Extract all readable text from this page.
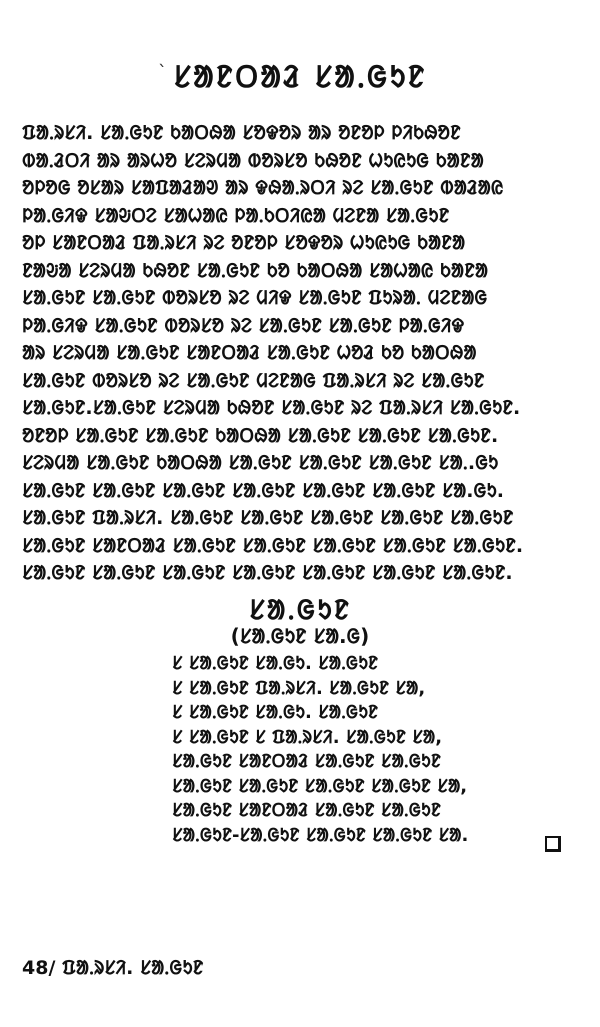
` ᱥᱟᱱᱛᱟᱲ ᱥᱟᱹᱜᱩᱱ
ᱯᱟᱹᱨᱥᱤ. ᱥᱟᱹᱜᱩᱱ ᱠᱟᱛᱷᱟ ᱥᱚᱫᱚᱨ ᱟᱨ ᱚᱱᱚᱞ ᱞᱤᱠᱷᱚᱱ
ᱵᱟᱹᱲᱛᱤ ᱟᱨ ᱟᱨᱦᱚ ᱥᱮᱨᱢᱟ ᱵᱚᱨᱥᱚ ᱠᱷᱚᱱ ᱦᱩᱭᱩᱜ ᱠᱟᱱᱟ
ᱚᱞᱚᱜ ᱚᱥᱟᱨ ᱥᱟᱯᱟᱲᱟᱣ ᱟᱨ ᱫᱷᱟᱹᱨᱛᱤ ᱨᱮ ᱥᱟᱹᱜᱩᱱ ᱵᱟᱲᱟᱭ
ᱞᱟᱹᱜᱤᱫ ᱥᱟᱶᱛᱮ ᱥᱟᱦᱟᱭ ᱞᱟᱹᱠᱛᱤᱭᱟ ᱢᱮᱱᱟ ᱥᱟᱹᱜᱩᱱ
ᱚᱞ ᱥᱟᱱᱛᱟᱲ ᱯᱟᱹᱨᱥᱤ ᱨᱮ ᱚᱱᱚᱞ ᱥᱚᱫᱚᱨ ᱦᱩᱭᱩᱜ ᱠᱟᱱᱟ
ᱱᱟᱶᱟ ᱥᱮᱨᱢᱟ ᱠᱷᱚᱱ ᱥᱟᱹᱜᱩᱱ ᱠᱚ ᱠᱟᱛᱷᱟ ᱥᱟᱦᱟᱭ ᱠᱟᱱᱟ
ᱥᱟᱹᱜᱩᱱ ᱥᱟᱹᱜᱩᱱ ᱵᱚᱨᱥᱚ ᱨᱮ ᱢᱤᱫ ᱥᱟᱹᱜᱩᱱ ᱯᱩᱨᱟᱹ ᱢᱮᱱᱟᱜ
ᱞᱟᱹᱜᱤᱫ ᱥᱟᱹᱜᱩᱱ ᱵᱚᱨᱥᱚ ᱨᱮ ᱥᱟᱹᱜᱩᱱ ᱥᱟᱹᱜᱩᱱ ᱞᱟᱹᱜᱤᱫ
ᱟᱨ ᱥᱮᱨᱢᱟ ᱥᱟᱹᱜᱩᱱ ᱥᱟᱱᱛᱟᱲ ᱥᱟᱹᱜᱩᱱ ᱦᱚᱲ ᱠᱚ ᱠᱟᱛᱷᱟ
ᱥᱟᱹᱜᱩᱱ ᱵᱚᱨᱥᱚ ᱨᱮ ᱥᱟᱹᱜᱩᱱ ᱢᱮᱱᱟᱜ ᱯᱟᱹᱨᱥᱤ ᱨᱮ ᱥᱟᱹᱜᱩᱱ
ᱥᱟᱹᱜᱩᱱ.ᱥᱟᱹᱜᱩᱱ ᱥᱮᱨᱢᱟ ᱠᱷᱚᱱ ᱥᱟᱹᱜᱩᱱ ᱨᱮ ᱯᱟᱹᱨᱥᱤ ᱥᱟᱹᱜᱩᱱ.
ᱚᱱᱚᱞ ᱥᱟᱹᱜᱩᱱ ᱥᱟᱹᱜᱩᱱ ᱠᱟᱛᱷᱟ ᱥᱟᱹᱜᱩᱱ ᱥᱟᱹᱜᱩᱱ ᱥᱟᱹᱜᱩᱱ.
ᱥᱮᱨᱢᱟ ᱥᱟᱹᱜᱩᱱ ᱠᱟᱛᱷᱟ ᱥᱟᱹᱜᱩᱱ ᱥᱟᱹᱜᱩᱱ ᱥᱟᱹᱜᱩᱱ ᱥᱟᱹ.ᱜᱩ
ᱥᱟᱹᱜᱩᱱ ᱥᱟᱹᱜᱩᱱ ᱥᱟᱹᱜᱩᱱ ᱥᱟᱹᱜᱩᱱ ᱥᱟᱹᱜᱩᱱ ᱥᱟᱹᱜᱩᱱ ᱥᱟ.ᱜᱩ.
ᱥᱟᱹᱜᱩᱱ ᱯᱟᱹᱨᱥᱤ. ᱥᱟᱹᱜᱩᱱ ᱥᱟᱹᱜᱩᱱ ᱥᱟᱹᱜᱩᱱ ᱥᱟᱹᱜᱩᱱ ᱥᱟᱹᱜᱩᱱ
ᱥᱟᱹᱜᱩᱱ ᱥᱟᱱᱛᱟᱲ ᱥᱟᱹᱜᱩᱱ ᱥᱟᱹᱜᱩᱱ ᱥᱟᱹᱜᱩᱱ ᱥᱟᱹᱜᱩᱱ ᱥᱟᱹᱜᱩᱱ.
ᱥᱟᱹᱜᱩᱱ ᱥᱟᱹᱜᱩᱱ ᱥᱟᱹᱜᱩᱱ ᱥᱟᱹᱜᱩᱱ ᱥᱟᱹᱜᱩᱱ ᱥᱟᱹᱜᱩᱱ ᱥᱟᱹᱜᱩᱱ.
ᱥᱟᱹᱜᱩᱱ
(ᱥᱟᱹᱜᱩᱱ ᱥᱟ.ᱜ)
ᱥ ᱥᱟᱹᱜᱩᱱ ᱥᱟᱹᱜᱩ. ᱥᱟᱹᱜᱩᱱ
ᱥ ᱥᱟᱹᱜᱩᱱ ᱯᱟᱹᱨᱥᱤ. ᱥᱟᱹᱜᱩᱱ ᱥᱟ,
ᱥ ᱥᱟᱹᱜᱩᱱ ᱥᱟᱹᱜᱩ. ᱥᱟᱹᱜᱩᱱ
ᱥ ᱥᱟᱹᱜᱩᱱ ᱥ ᱯᱟᱹᱨᱥᱤ. ᱥᱟᱹᱜᱩᱱ ᱥᱟ,
ᱥᱟᱹᱜᱩᱱ ᱥᱟᱱᱛᱟᱲ ᱥᱟᱹᱜᱩᱱ ᱥᱟᱹᱜᱩᱱ
ᱥᱟᱹᱜᱩᱱ ᱥᱟᱹᱜᱩᱱ ᱥᱟᱹᱜᱩᱱ ᱥᱟᱹᱜᱩᱱ ᱥᱟ,
ᱥᱟᱹᱜᱩᱱ ᱥᱟᱱᱛᱟᱲ ᱥᱟᱹᱜᱩᱱ ᱥᱟᱹᱜᱩᱱ
ᱥᱟᱹᱜᱩᱱ-ᱥᱟᱹᱜᱩᱱ ᱥᱟᱹᱜᱩᱱ ᱥᱟᱹᱜᱩᱱ ᱥᱟ.
48/ ᱯᱟᱹᱨᱥᱤ. ᱥᱟᱹᱜᱩᱱ
